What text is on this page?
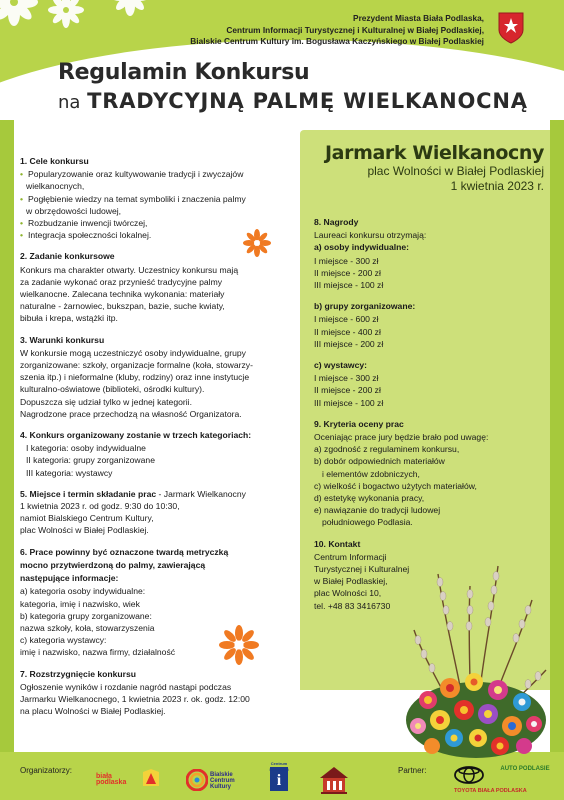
Prezydent Miasta Biała Podlaska,
Centrum Informacji Turystycznej i Kulturalnej w Białej Podlaskiej,
Bialskie Centrum Kultury im. Bogusława Kaczyńskiego w Białej Podlaskiej
Regulamin Konkursu
na TRADYCYJNĄ PALMĘ WIELKANOCNĄ
Jarmark Wielkanocny
plac Wolności w Białej Podlaskiej
1 kwietnia 2023 r.
1. Cele konkursu

• Popularyzowanie oraz kultywowanie tradycji i zwyczajów

wielkanocnych,

• Pogłębienie wiedzy na temat symboliki i znaczenia palmy

w obrzędowości ludowej,

• Rozbudzanie inwencji twórczej,

• Integracja społeczności lokalnej.

2. Zadanie konkursowe

Konkurs ma charakter otwarty. Uczestnicy konkursu mają

za zadanie wykonać oraz przynieść tradycyjne palmy

wielkanocne. Zalecana technika wykonania: materiały

naturalne - żarnowiec, bukszpan, bazie, suche kwiaty,

bibuła i krepa, wstążki itp.

3. Warunki konkursu

W konkursie mogą uczestniczyć osoby indywidualne, grupy

zorganizowane: szkoły, organizacje formalne (koła, stowarzy-

szenia itp.) i nieformalne (kluby, rodziny) oraz inne instytucje

kulturalno-oświatowe (biblioteki, ośrodki kultury).

Dopuszcza się udział tylko w jednej kategorii.

Nagrodzone prace przechodzą na własność Organizatora.

4. Konkurs organizowany zostanie w trzech kategoriach:

I kategoria: osoby indywidualne

II kategoria: grupy zorganizowane

III kategoria: wystawcy

5. Miejsce i termin składanie prac - Jarmark Wielkanocny

1 kwietnia 2023 r. od godz. 9:30 do 10:30,

namiot Bialskiego Centrum Kultury,

plac Wolności w Białej Podlaskiej.

6. Prace powinny być oznaczone twardą metryczką
mocno przytwierdzoną do palmy, zawierającą
następujące informacje:

a) kategoria osoby indywidualne:

kategoria, imię i nazwisko, wiek

b) kategoria grupy zorganizowane:

nazwa szkoły, koła, stowarzyszenia

c) kategoria wystawcy:

imię i nazwisko, nazwa firmy, działalność

7. Rozstrzygnięcie konkursu

Ogłoszenie wyników i rozdanie nagród nastąpi podczas

Jarmarku Wielkanocnego, 1 kwietnia 2023 r. ok. godz. 12:00

na placu Wolności w Białej Podlaskiej.

8. Nagrody

Laureaci konkursu otrzymają:

a) osoby indywidualne:

I miejsce - 300 zł

II miejsce - 200 zł

III miejsce - 100 zł

b) grupy zorganizowane:

I miejsce - 600 zł

II miejsce - 400 zł

III miejsce - 200 zł

c) wystawcy:

I miejsce - 300 zł

II miejsce - 200 zł

III miejsce - 100 zł

9. Kryteria oceny prac

Oceniając prace jury będzie brało pod uwagę:

a) zgodność z regulaminem konkursu,

b) dobór odpowiednich materiałów

i elementów zdobniczych,

c) wielkość i bogactwo użytych materiałów,

d) estetykę wykonania pracy,

e) nawiązanie do tradycji ludowej

południowego Podlasia.

10. Kontakt

Centrum Informacji

Turystycznej i Kulturalnej

w Białej Podlaskiej,

plac Wolności 10,

tel. +48 83 3416730

Organizatorzy:
biała podlaska
Bialskie Centrum Kultury	i
Centrum Informacji	Partner:	AUTO PODLASIE
TOYOTA BIAŁA PODLASKA
